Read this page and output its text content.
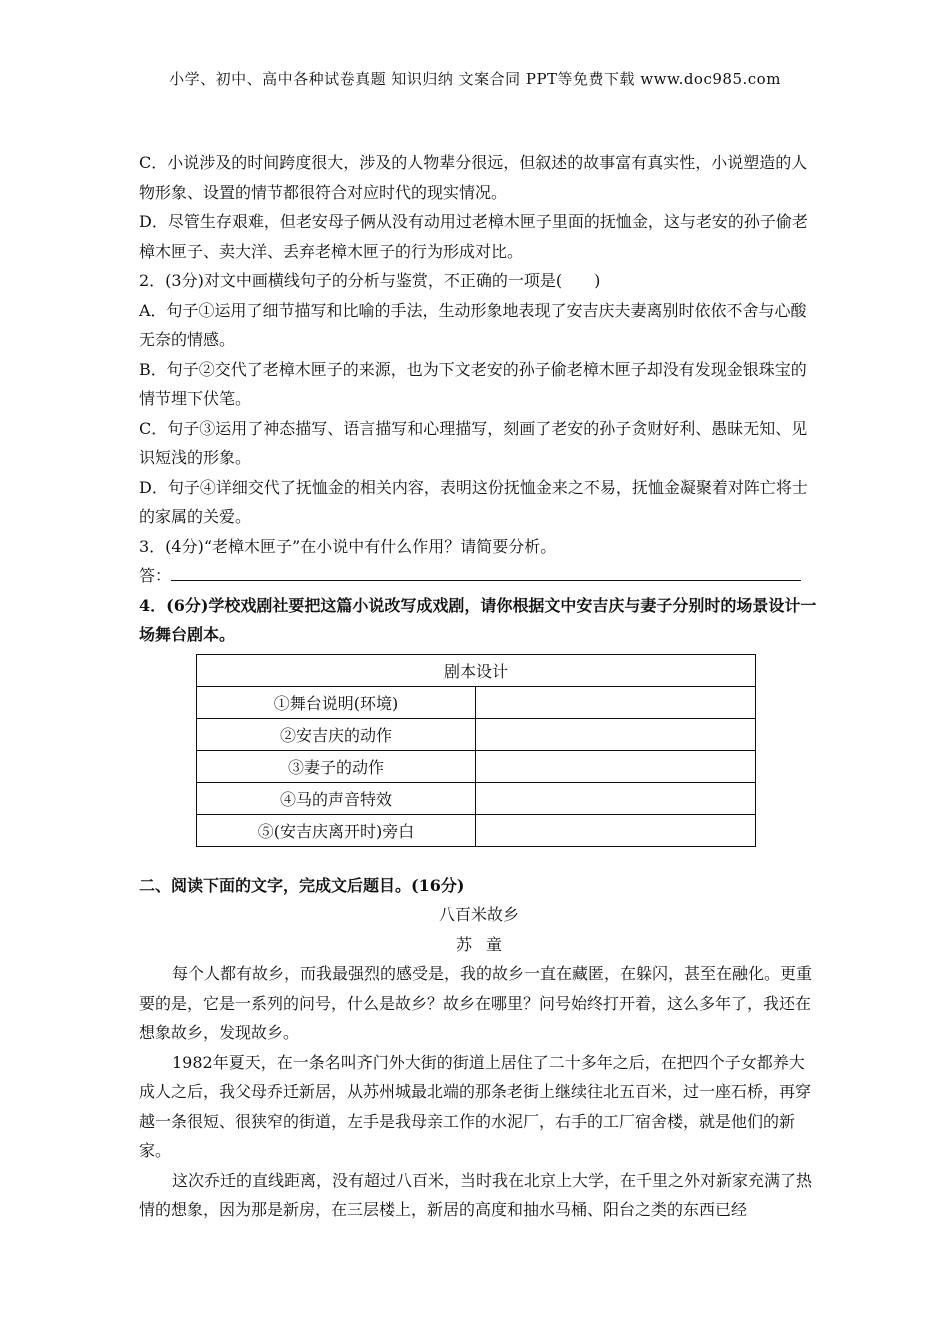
小学、初中、高中各种试卷真题 知识归纳 文案合同 PPT等免费下载 www.doc985.com

C．小说涉及的时间跨度很大，涉及的人物辈分很远，但叙述的故事富有真实性，小说塑造的人物形象、设置的情节都很符合对应时代的现实情况。

D．尽管生存艰难，但老安母子俩从没有动用过老樟木匣子里面的抚恤金，这与老安的孙子偷老樟木匣子、卖大洋、丢弃老樟木匣子的行为形成对比。

2．(3分)对文中画横线句子的分析与鉴赏，不正确的一项是(　　)

A．句子①运用了细节描写和比喻的手法，生动形象地表现了安吉庆夫妻离别时依依不舍与心酸无奈的情感。

B．句子②交代了老樟木匣子的来源，也为下文老安的孙子偷老樟木匣子却没有发现金银珠宝的情节埋下伏笔。

C．句子③运用了神态描写、语言描写和心理描写，刻画了老安的孙子贪财好利、愚昧无知、见识短浅的形象。

D．句子④详细交代了抚恤金的相关内容，表明这份抚恤金来之不易，抚恤金凝聚着对阵亡将士的家属的关爱。

3．(4分)“老樟木匣子”在小说中有什么作用？请简要分析。

答：

4．(6分)学校戏剧社要把这篇小说改写成戏剧，请你根据文中安吉庆与妻子分别时的场景设计一场舞台剧本。

剧本设计	
①舞台说明(环境)	
②安吉庆的动作	
③妻子的动作	
④马的声音特效	
⑤(安吉庆离开时)旁白	

二、阅读下面的文字，完成文后题目。(16分)

八百米故乡

苏童

每个人都有故乡，而我最强烈的感受是，我的故乡一直在藏匿，在躲闪，甚至在融化。更重要的是，它是一系列的问号，什么是故乡？故乡在哪里？问号始终打开着，这么多年了，我还在想象故乡，发现故乡。

1982年夏天，在一条名叫齐门外大街的街道上居住了二十多年之后，在把四个子女都养大成人之后，我父母乔迁新居，从苏州城最北端的那条老街上继续往北五百米，过一座石桥，再穿越一条很短、很狭窄的街道，左手是我母亲工作的水泥厂，右手的工厂宿舍楼，就是他们的新家。

这次乔迁的直线距离，没有超过八百米，当时我在北京上大学，在千里之外对新家充满了热情的想象，因为那是新房，在三层楼上，新居的高度和抽水马桶、阳台之类的东西已经
